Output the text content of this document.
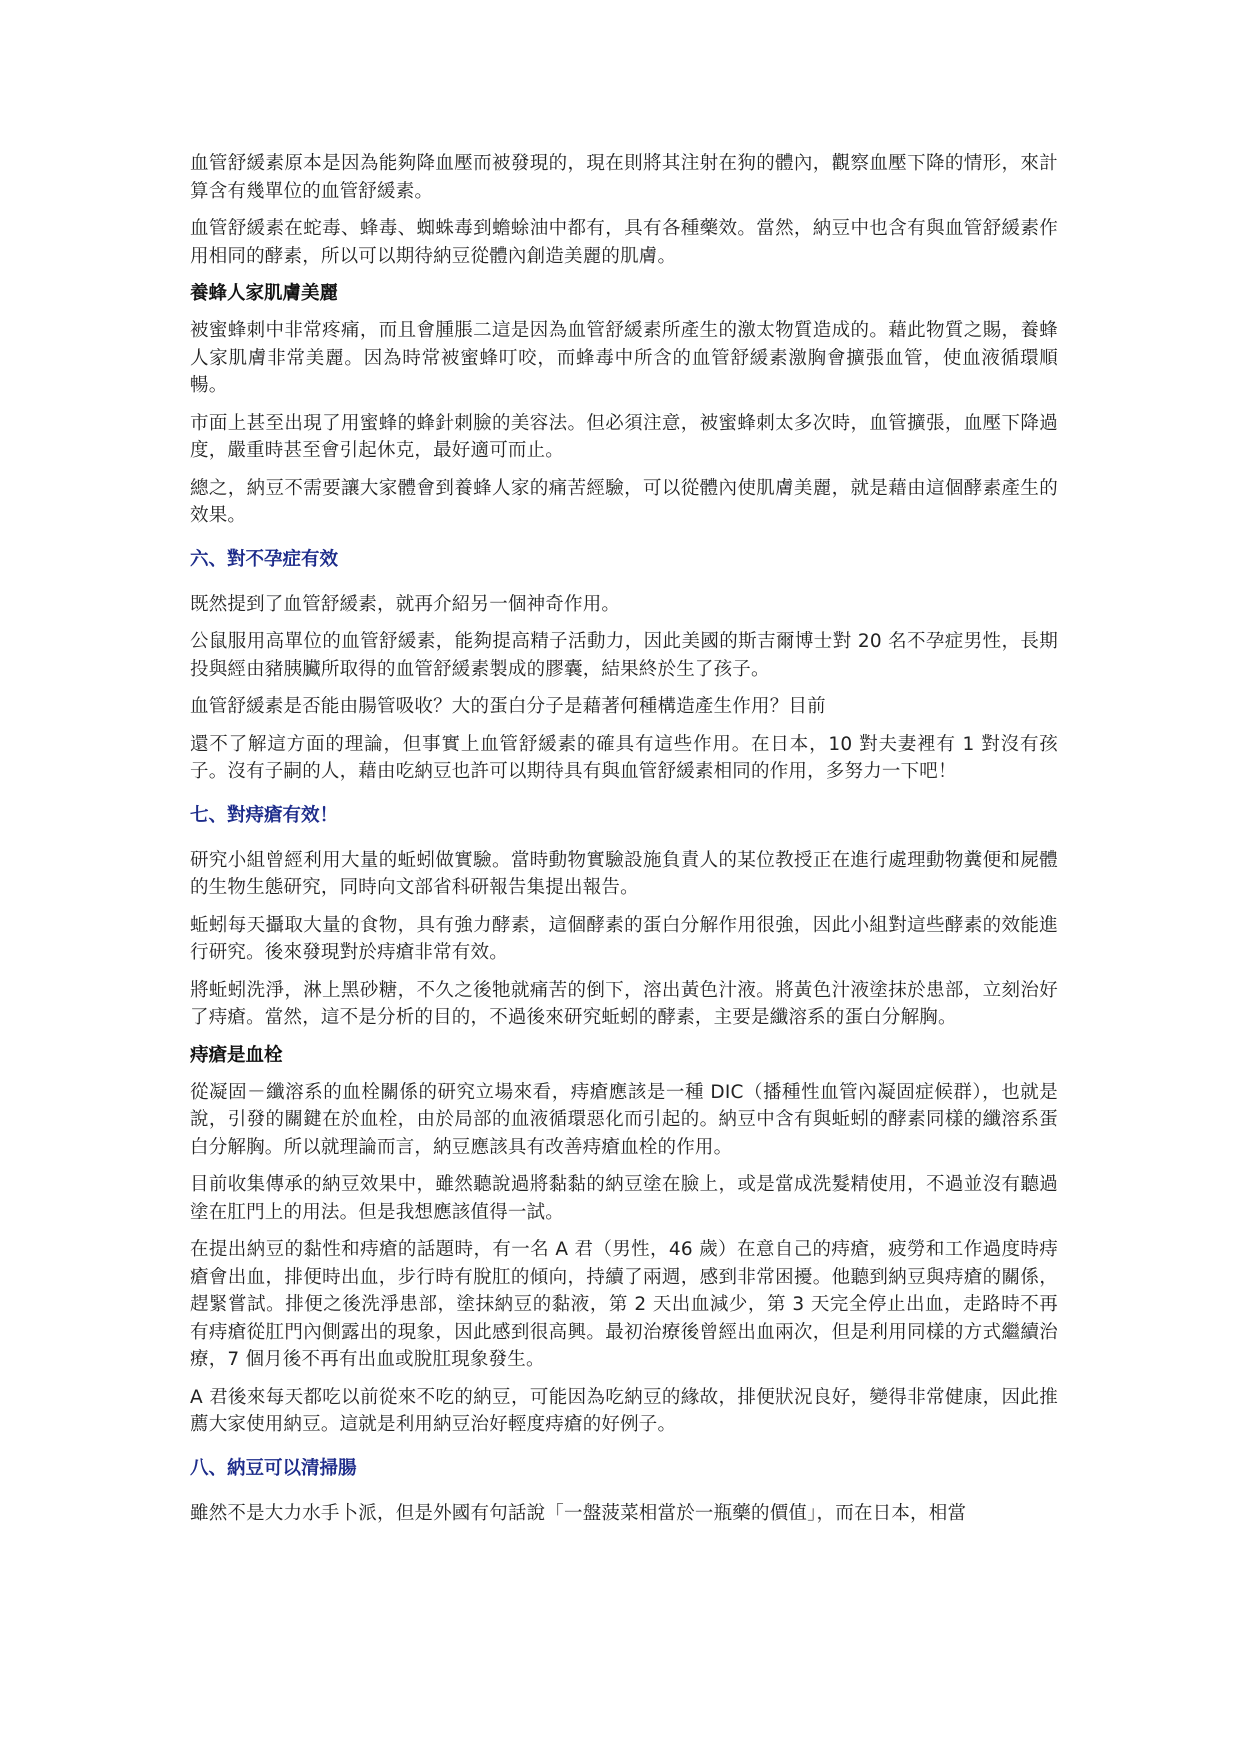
血管舒緩素原本是因為能夠降血壓而被發現的，現在則將其注射在狗的體內，觀察血壓下降的情形，來計算含有幾單位的血管舒緩素。

血管舒緩素在蛇毒、蜂毒、蜘蛛毒到蟾蜍油中都有，具有各種藥效。當然，納豆中也含有與血管舒緩素作用相同的酵素，所以可以期待納豆從體內創造美麗的肌膚。

養蜂人家肌膚美麗

被蜜蜂刺中非常疼痛，而且會腫脹二這是因為血管舒緩素所產生的激太物質造成的。藉此物質之賜，養蜂人家肌膚非常美麗。因為時常被蜜蜂叮咬，而蜂毒中所含的血管舒緩素激胸會擴張血管，使血液循環順暢。

市面上甚至出現了用蜜蜂的蜂針刺臉的美容法。但必須注意，被蜜蜂刺太多次時，血管擴張，血壓下降過度，嚴重時甚至會引起休克，最好適可而止。

總之，納豆不需要讓大家體會到養蜂人家的痛苦經驗，可以從體內使肌膚美麗，就是藉由這個酵素產生的效果。

六、對不孕症有效

既然提到了血管舒緩素，就再介紹另一個神奇作用。

公鼠服用高單位的血管舒緩素，能夠提高精子活動力，因此美國的斯吉爾博士對 20 名不孕症男性，長期投與經由豬胰臟所取得的血管舒緩素製成的膠囊，結果終於生了孩子。

血管舒緩素是否能由腸管吸收？大的蛋白分子是藉著何種構造產生作用？目前

還不了解這方面的理論，但事實上血管舒緩素的確具有這些作用。在日本，10 對夫妻裡有 1 對沒有孩子。沒有子嗣的人，藉由吃納豆也許可以期待具有與血管舒緩素相同的作用，多努力一下吧！

七、對痔瘡有效！

研究小組曾經利用大量的蚯蚓做實驗。當時動物實驗設施負責人的某位教授正在進行處理動物糞便和屍體的生物生態研究，同時向文部省科研報告集提出報告。

蚯蚓每天攝取大量的食物，具有強力酵素，這個酵素的蛋白分解作用很強，因此小組對這些酵素的效能進行研究。後來發現對於痔瘡非常有效。

將蚯蚓洗淨，淋上黑砂糖，不久之後牠就痛苦的倒下，溶出黃色汁液。將黃色汁液塗抹於患部，立刻治好了痔瘡。當然，這不是分析的目的，不過後來研究蚯蚓的酵素，主要是纖溶系的蛋白分解胸。

痔瘡是血栓

從凝固－纖溶系的血栓關係的研究立場來看，痔瘡應該是一種 DIC（播種性血管內凝固症候群），也就是說，引發的關鍵在於血栓，由於局部的血液循環惡化而引起的。納豆中含有與蚯蚓的酵素同樣的纖溶系蛋白分解胸。所以就理論而言，納豆應該具有改善痔瘡血栓的作用。

目前收集傳承的納豆效果中，雖然聽說過將黏黏的納豆塗在臉上，或是當成洗髮精使用，不過並沒有聽過塗在肛門上的用法。但是我想應該值得一試。

在提出納豆的黏性和痔瘡的話題時，有一名 A 君（男性，46 歲）在意自己的痔瘡，疲勞和工作過度時痔瘡會出血，排便時出血，步行時有脫肛的傾向，持續了兩週，感到非常困擾。他聽到納豆與痔瘡的關係，趕緊嘗試。排便之後洗淨患部，塗抹納豆的黏液，第 2 天出血減少，第 3 天完全停止出血，走路時不再有痔瘡從肛門內側露出的現象，因此感到很高興。最初治療後曾經出血兩次，但是利用同樣的方式繼續治療，7 個月後不再有出血或脫肛現象發生。

A 君後來每天都吃以前從來不吃的納豆，可能因為吃納豆的緣故，排便狀況良好，變得非常健康，因此推薦大家使用納豆。這就是利用納豆治好輕度痔瘡的好例子。

八、納豆可以清掃腸

雖然不是大力水手卜派，但是外國有句話說「一盤菠菜相當於一瓶藥的價值」，而在日本，相當
